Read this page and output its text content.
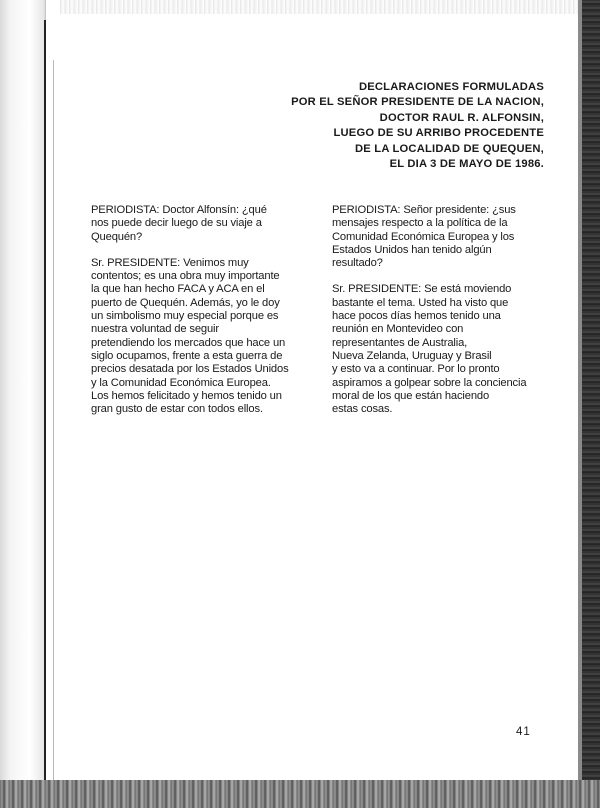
DECLARACIONES FORMULADAS
POR EL SEÑOR PRESIDENTE DE LA NACION,
DOCTOR RAUL R. ALFONSIN,
LUEGO DE SU ARRIBO PROCEDENTE
DE LA LOCALIDAD DE QUEQUEN,
EL DIA 3 DE MAYO DE 1986.
PERIODISTA: Doctor Alfonsín: ¿qué
nos puede decir luego de su viaje a
Quequén?
Sr. PRESIDENTE: Venimos muy
contentos; es una obra muy importante
la que han hecho FACA y ACA en el
puerto de Quequén. Además, yo le doy
un simbolismo muy especial porque es
nuestra voluntad de seguir
pretendiendo los mercados que hace un
siglo ocupamos, frente a esta guerra de
precios desatada por los Estados Unidos
y la Comunidad Económica Europea.
Los hemos felicitado y hemos tenido un
gran gusto de estar con todos ellos.
PERIODISTA: Señor presidente: ¿sus
mensajes respecto a la política de la
Comunidad Económica Europea y los
Estados Unidos han tenido algún
resultado?
Sr. PRESIDENTE: Se está moviendo
bastante el tema. Usted ha visto que
hace pocos días hemos tenido una
reunión en Montevideo con
representantes de Australia,
Nueva Zelanda, Uruguay y Brasil
y esto va a continuar. Por lo pronto
aspiramos a golpear sobre la conciencia
moral de los que están haciendo
estas cosas.
41
